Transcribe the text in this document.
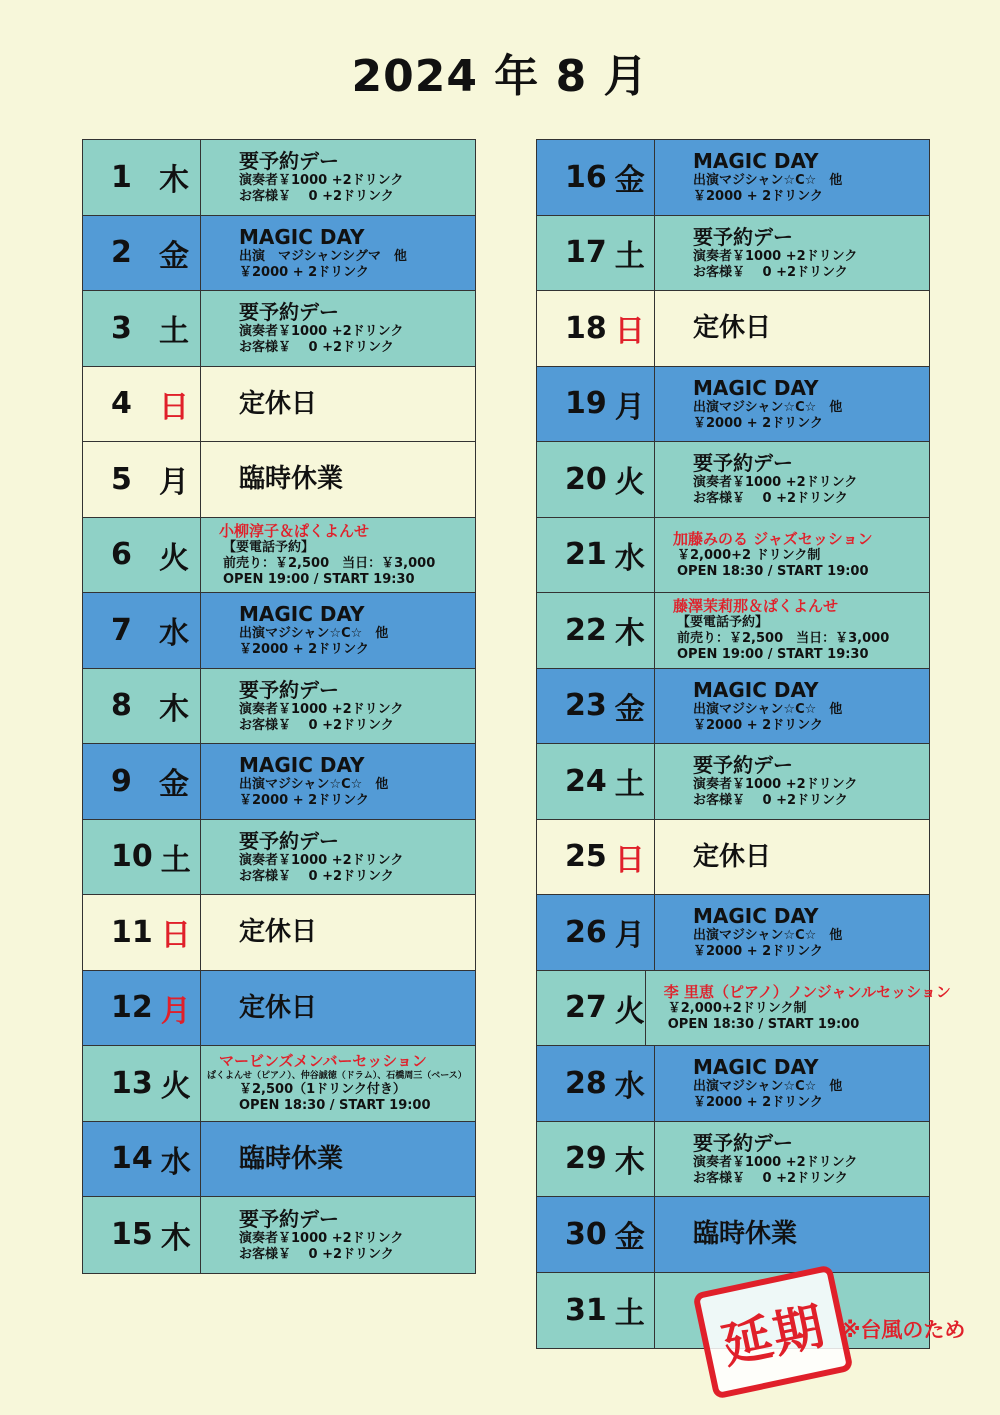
2024 年 8 月
1 木
要予約デー
演奏者￥1000 +2ドリンク
お客様￥　 0 +2ドリンク
2 金
MAGIC DAY
出演　マジシャンシグマ　他
￥2000 + 2ドリンク
3 土
要予約デー
演奏者￥1000 +2ドリンク
お客様￥　 0 +2ドリンク
4 日 定休日
5 月 臨時休業
6 火
小柳淳子＆ぱくよんせ
【要電話予約】
前売り：￥2,500　当日：￥3,000
OPEN 19:00 / START 19:30
7 水
MAGIC DAY
出演マジシャン☆C☆　他
￥2000 + 2ドリンク
8 木
要予約デー
演奏者￥1000 +2ドリンク
お客様￥　 0 +2ドリンク
9 金
MAGIC DAY
出演マジシャン☆C☆　他
￥2000 + 2ドリンク
10 土
要予約デー
演奏者￥1000 +2ドリンク
お客様￥　 0 +2ドリンク
11 日 定休日
12 月 定休日
13 火
マービンズメンバーセッション
ぱくよんせ（ピアノ）、仲谷誠徳（ドラム）、石橋周三（ベース）
￥2,500（1ドリンク付き）
OPEN 18:30 / START 19:00
14 水 臨時休業
15 木
要予約デー
演奏者￥1000 +2ドリンク
お客様￥　 0 +2ドリンク
16 金
MAGIC DAY
出演マジシャン☆C☆　他
￥2000 + 2ドリンク
17 土
要予約デー
演奏者￥1000 +2ドリンク
お客様￥　 0 +2ドリンク
18 日 定休日
19 月
MAGIC DAY
出演マジシャン☆C☆　他
￥2000 + 2ドリンク
20 火
要予約デー
演奏者￥1000 +2ドリンク
お客様￥　 0 +2ドリンク
21 水
加藤みのる ジャズセッション
￥2,000+2 ドリンク制
OPEN 18:30 / START 19:00
22 木
藤澤茉莉那＆ぱくよんせ
【要電話予約】
前売り：￥2,500　当日：￥3,000
OPEN 19:00 / START 19:30
23 金
MAGIC DAY
出演マジシャン☆C☆　他
￥2000 + 2ドリンク
24 土
要予約デー
演奏者￥1000 +2ドリンク
お客様￥　 0 +2ドリンク
25 日 定休日
26 月
MAGIC DAY
出演マジシャン☆C☆　他
￥2000 + 2ドリンク
27 火
李 里恵（ピアノ）ノンジャンルセッション
￥2,000+2ドリンク制
OPEN 18:30 / START 19:00
28 水
MAGIC DAY
出演マジシャン☆C☆　他
￥2000 + 2ドリンク
29 木
要予約デー
演奏者￥1000 +2ドリンク
お客様￥　 0 +2ドリンク
30 金 臨時休業
31 土	延期 ※台風のため
